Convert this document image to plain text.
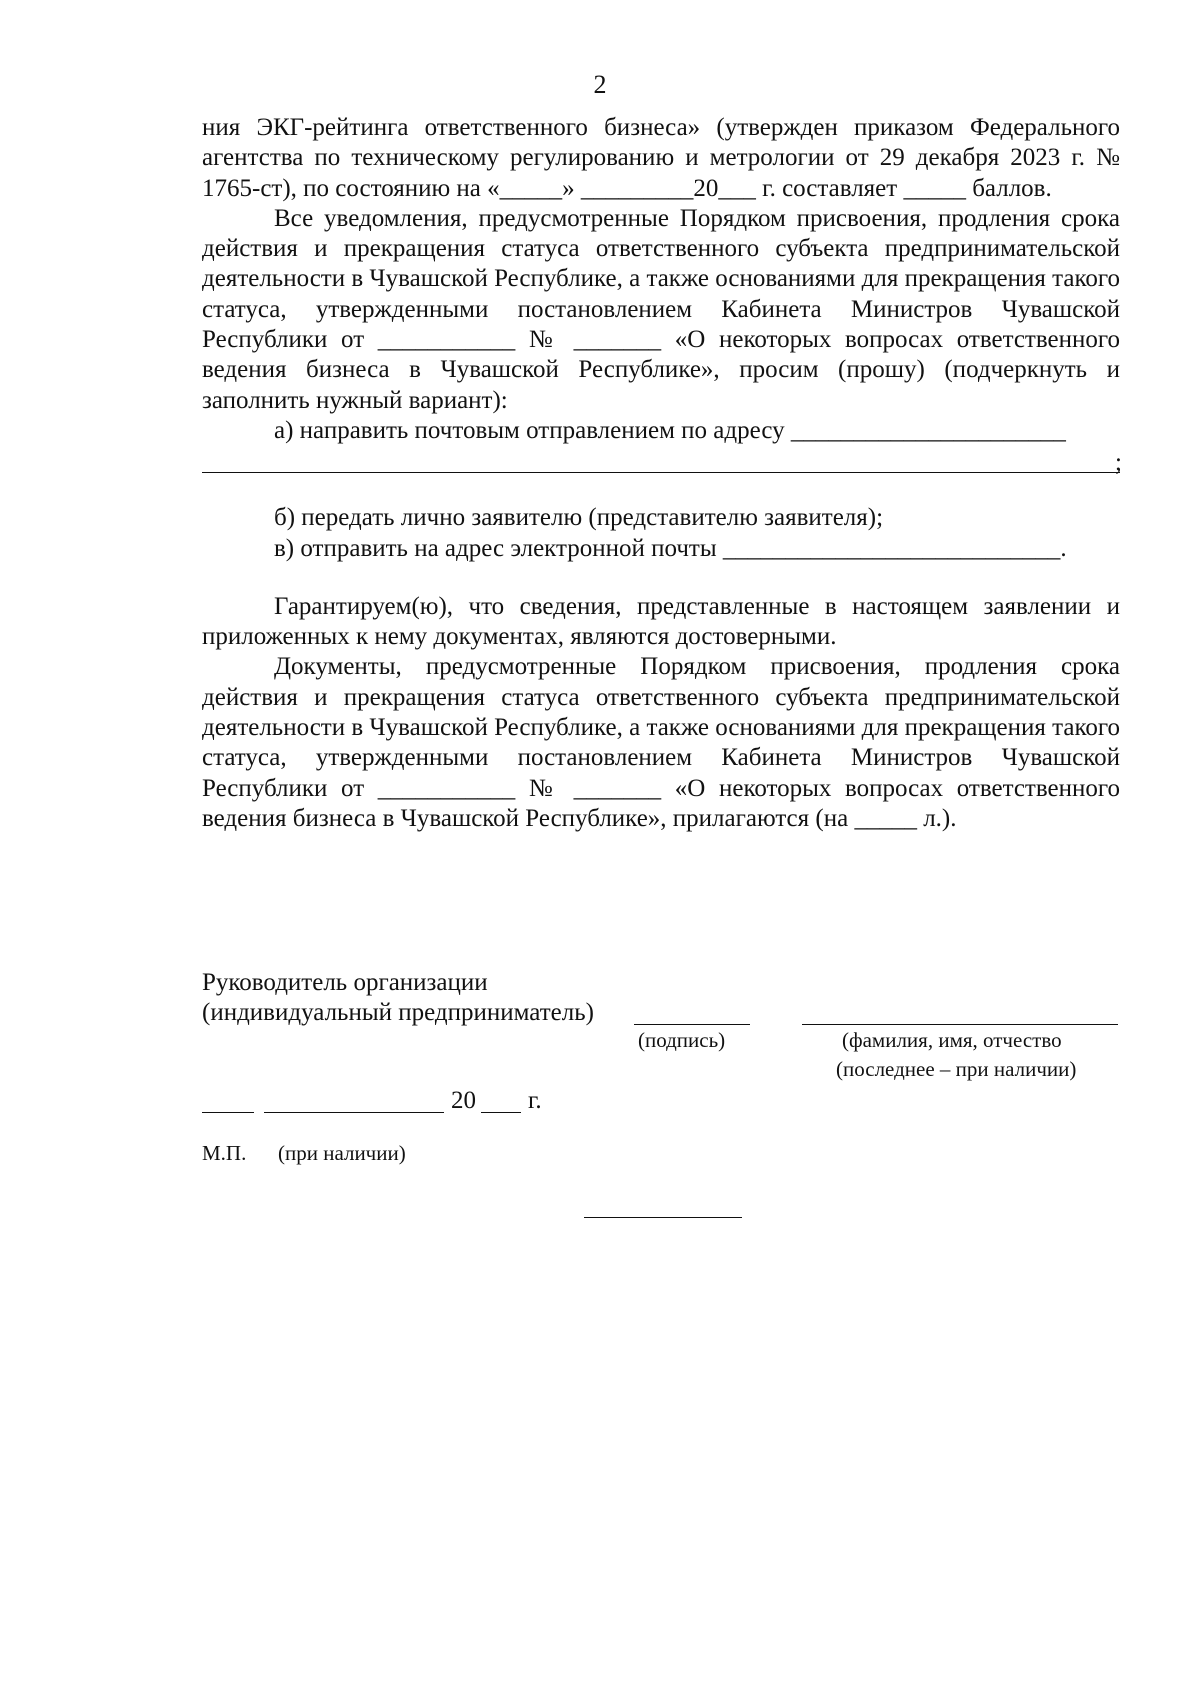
2

ния ЭКГ-рейтинга ответственного бизнеса» (утвержден приказом Федерального агентства по техническому регулированию и метрологии от 29 декабря 2023 г. № 1765-ст), по состоянию на «_____» _________20___ г. составляет _____ баллов.

Все уведомления, предусмотренные Порядком присвоения, продления срока действия и прекращения статуса ответственного субъекта предпринимательской деятельности в Чувашской Республике, а также основаниями для прекращения такого статуса, утвержденными постановлением Кабинета Министров Чувашской Республики от ___________ № _______ «О некоторых вопросах ответственного ведения бизнеса в Чувашской Республике», просим (прошу) (подчеркнуть и заполнить нужный вариант):

а) направить почтовым отправлением по адресу ______________________

;

б) передать лично заявителю (представителю заявителя);

в) отправить на адрес электронной почты ___________________________.

Гарантируем(ю), что сведения, представленные в настоящем заявлении и приложенных к нему документах, являются достоверными.

Документы, предусмотренные Порядком присвоения, продления срока действия и прекращения статуса ответственного субъекта предпринимательской деятельности в Чувашской Республике, а также основаниями для прекращения такого статуса, утвержденными постановлением Кабинета Министров Чувашской Республики от ___________ № _______ «О некоторых вопросах ответственного ведения бизнеса в Чувашской Республике», прилагаются (на _____ л.).

Руководитель организации
(индивидуальный предприниматель)
(подпись)	(фамилия, имя, отчество
(последнее – при наличии)
20 г.
М.П. (при наличии)
